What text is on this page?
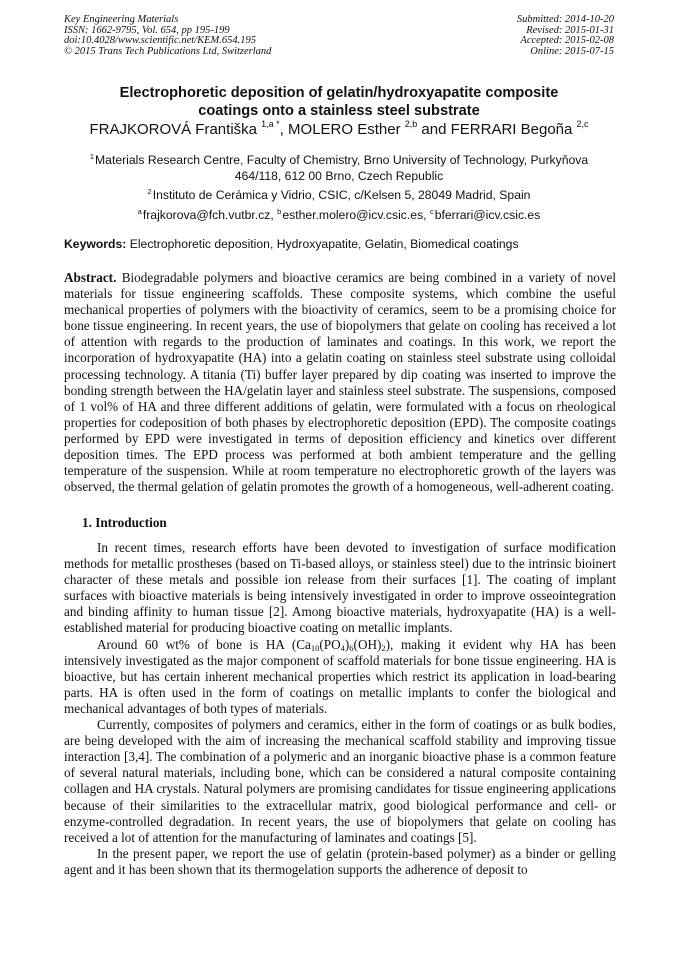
Key Engineering Materials
ISSN: 1662-9795, Vol. 654, pp 195-199
doi:10.4028/www.scientific.net/KEM.654.195
© 2015 Trans Tech Publications Ltd, Switzerland
Submitted: 2014-10-20
Revised: 2015-01-31
Accepted: 2015-02-08
Online: 2015-07-15
Electrophoretic deposition of gelatin/hydroxyapatite composite
coatings onto a stainless steel substrate
FRAJKOROVÁ Františka $^{1,a *}$, MOLERO Esther $^{2,b}$ and FERRARI Begoña $^{2,c}$
$^1$Materials Research Centre, Faculty of Chemistry, Brno University of Technology, Purkyňova
464/118, 612 00 Brno, Czech Republic
$^2$Instituto de Cerámica y Vidrio, CSIC, c/Kelsen 5, 28049 Madrid, Spain
$^a$frajkorova@fch.vutbr.cz, $^b$esther.molero@icv.csic.es, $^c$bferrari@icv.csic.es
Keywords: Electrophoretic deposition, Hydroxyapatite, Gelatin, Biomedical coatings
Abstract. Biodegradable polymers and bioactive ceramics are being combined in a variety of novel materials for tissue engineering scaffolds. These composite systems, which combine the useful mechanical properties of polymers with the bioactivity of ceramics, seem to be a promising choice for bone tissue engineering. In recent years, the use of biopolymers that gelate on cooling has received a lot of attention with regards to the production of laminates and coatings. In this work, we report the incorporation of hydroxyapatite (HA) into a gelatin coating on stainless steel substrate using colloidal processing technology. A titania (Ti) buffer layer prepared by dip coating was inserted to improve the bonding strength between the HA/gelatin layer and stainless steel substrate. The suspensions, composed of 1 vol% of HA and three different additions of gelatin, were formulated with a focus on rheological properties for codeposition of both phases by electrophoretic deposition (EPD). The composite coatings performed by EPD were investigated in terms of deposition efficiency and kinetics over different deposition times. The EPD process was performed at both ambient temperature and the gelling temperature of the suspension. While at room temperature no electrophoretic growth of the layers was observed, the thermal gelation of gelatin promotes the growth of a homogeneous, well-adherent coating.
1. Introduction

In recent times, research efforts have been devoted to investigation of surface modification methods for metallic prostheses (based on Ti-based alloys, or stainless steel) due to the intrinsic bioinert character of these metals and possible ion release from their surfaces [1]. The coating of implant surfaces with bioactive materials is being intensively investigated in order to improve osseointegration and binding affinity to human tissue [2]. Among bioactive materials, hydroxyapatite (HA) is a well-established material for producing bioactive coating on metallic implants.

Around 60 wt% of bone is HA $(Ca_{10}(PO_4)_6(OH)_2)$, making it evident why HA has been intensively investigated as the major component of scaffold materials for bone tissue engineering. HA is bioactive, but has certain inherent mechanical properties which restrict its application in load-bearing parts. HA is often used in the form of coatings on metallic implants to confer the biological and mechanical advantages of both types of materials.

Currently, composites of polymers and ceramics, either in the form of coatings or as bulk bodies, are being developed with the aim of increasing the mechanical scaffold stability and improving tissue interaction [3,4]. The combination of a polymeric and an inorganic bioactive phase is a common feature of several natural materials, including bone, which can be considered a natural composite containing collagen and HA crystals. Natural polymers are promising candidates for tissue engineering applications because of their similarities to the extracellular matrix, good biological performance and cell- or enzyme-controlled degradation. In recent years, the use of biopolymers that gelate on cooling has received a lot of attention for the manufacturing of laminates and coatings [5].

In the present paper, we report the use of gelatin (protein-based polymer) as a binder or gelling agent and it has been shown that its thermogelation supports the adherence of deposit to
